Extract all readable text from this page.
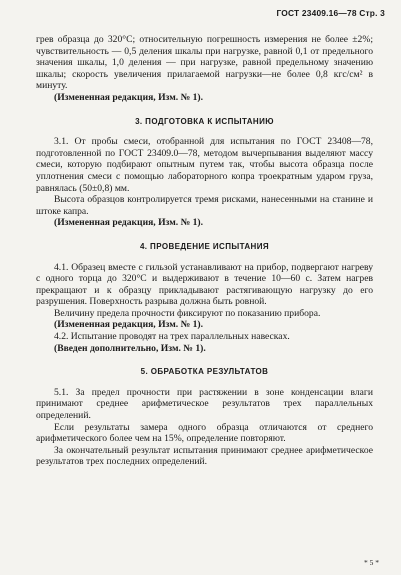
ГОСТ 23409.16—78 Стр. 3

грев образца до 320°С; относительную погрешность измерения не более ±2%; чувствительность — 0,5 деления шкалы при нагрузке, равной 0,1 от предельного значения шкалы, 1,0 деления — при нагрузке, равной предельному значению шкалы; скорость увеличения прилагаемой нагрузки—не более 0,8 кгс/см² в минуту.

(Измененная редакция, Изм. № 1).

3. ПОДГОТОВКА К ИСПЫТАНИЮ

3.1. От пробы смеси, отобранной для испытания по ГОСТ 23408—78, подготовленной по ГОСТ 23409.0—78, методом вычерпывания выделяют массу смеси, которую подбирают опытным путем так, чтобы высота образца после уплотнения смеси с помощью лабораторного копра троекратным ударом груза, равнялась (50±0,8) мм.

Высота образцов контролируется тремя рисками, нанесенными на станине и штоке капра.

(Измененная редакция, Изм. № 1).

4. ПРОВЕДЕНИЕ ИСПЫТАНИЯ

4.1. Образец вместе с гильзой устанавливают на прибор, подвергают нагреву с одного торца до 320°С и выдерживают в течение 10—60 с. Затем нагрев прекращают и к образцу прикладывают растягивающую нагрузку до его разрушения. Поверхность разрыва должна быть ровной.

Величину предела прочности фиксируют по показанию прибора.

(Измененная редакция, Изм. № 1).

4.2. Испытание проводят на трех параллельных навесках.

(Введен дополнительно, Изм. № 1).

5. ОБРАБОТКА РЕЗУЛЬТАТОВ

5.1. За предел прочности при растяжении в зоне конденсации влаги принимают среднее арифметическое результатов трех параллельных определений.

Если результаты замера одного образца отличаются от среднего арифметического более чем на 15%, определение повторяют.

За окончательный результат испытания принимают среднее арифметическое результатов трех последних определений.

* 5 *
